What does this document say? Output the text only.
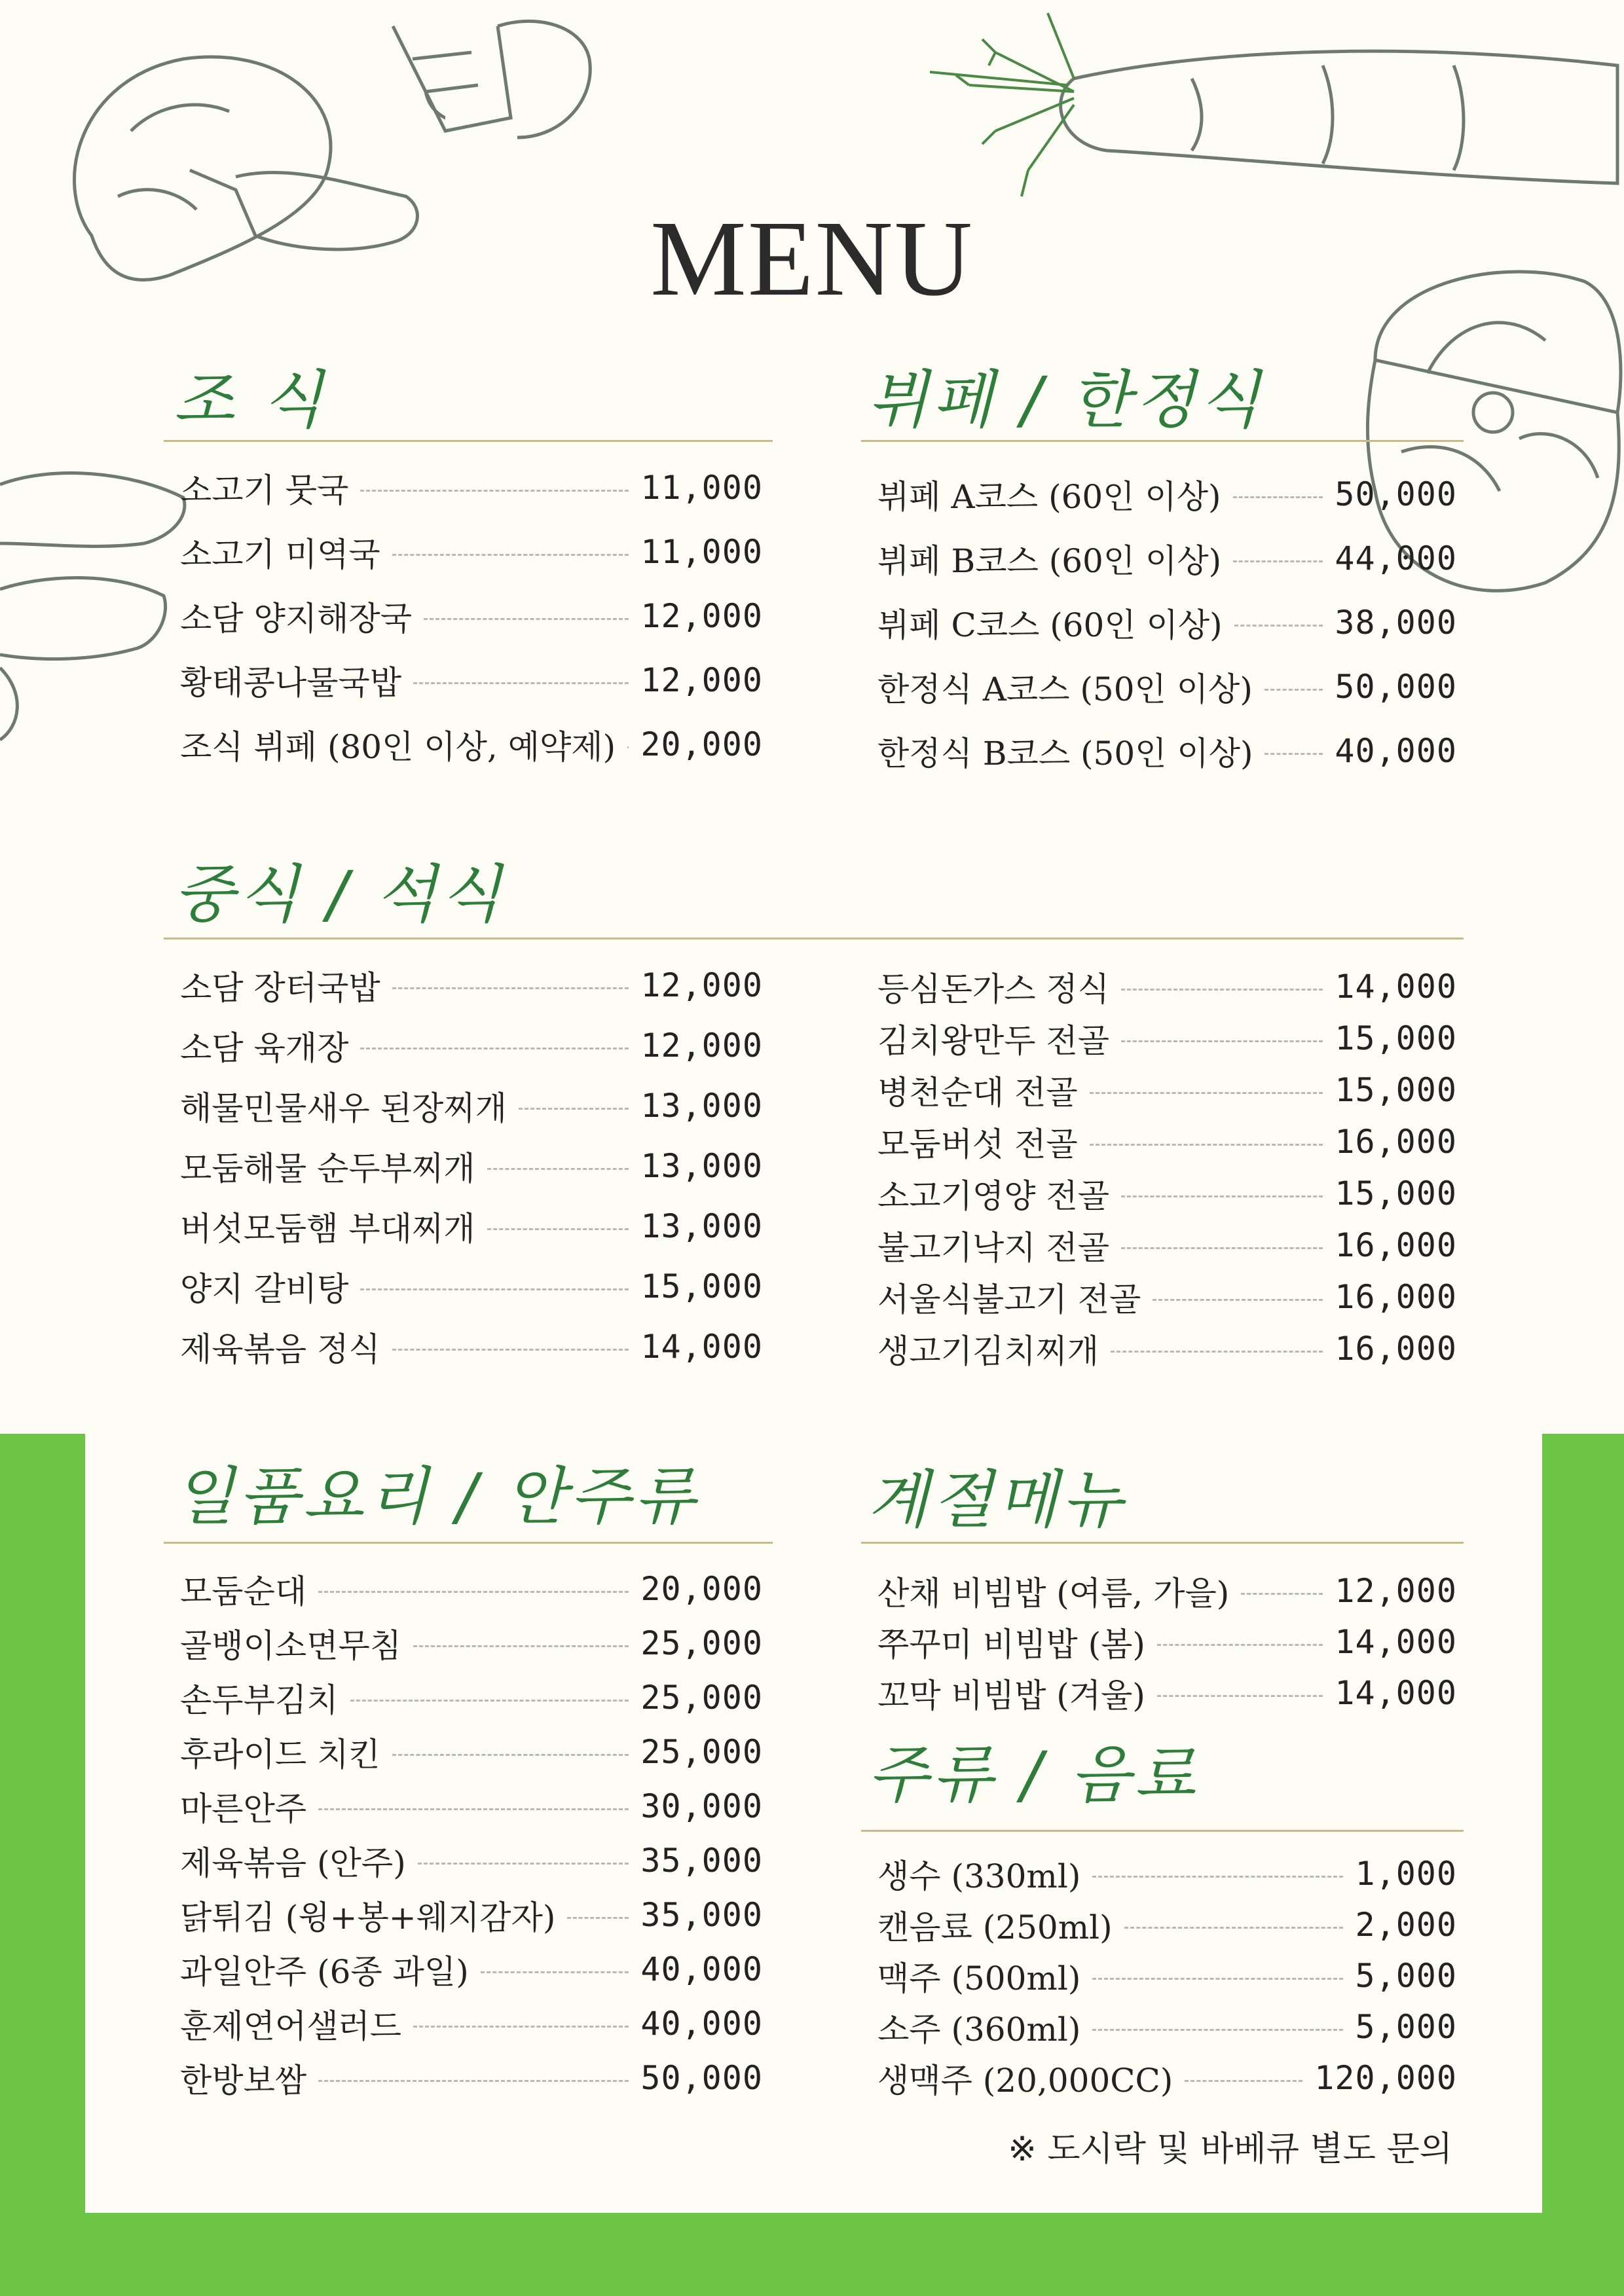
MENU
조 식	뷔페 / 한정식
중식 / 석식
일품요리 / 안주류	계절메뉴
주류 / 음료
소고기 뭇국	11,000
소고기 미역국	11,000
소담 양지해장국	12,000
황태콩나물국밥	12,000
조식 뷔페 (80인 이상, 예약제) 20,000
뷔페 A코스 (60인 이상)	50,000
뷔페 B코스 (60인 이상)	44,000
뷔페 C코스 (60인 이상)	38,000
한정식 A코스 (50인 이상)	50,000
한정식 B코스 (50인 이상) 40,000
소담 장터국밥	12,000
소담 육개장	12,000
해물민물새우 된장찌개	13,000
모둠해물 순두부찌개	13,000
버섯모둠햄 부대찌개	13,000
양지 갈비탕	15,000
제육볶음 정식	14,000
등심돈가스 정식	14,000
김치왕만두 전골	15,000
병천순대 전골	15,000
모둠버섯 전골	16,000
소고기영양 전골	15,000
불고기낙지 전골	16,000
서울식불고기 전골	16,000
생고기김치찌개	16,000
모둠순대	20,000
골뱅이소면무침	25,000
손두부김치	25,000
후라이드 치킨	25,000
마른안주	30,000
제육볶음 (안주)	35,000
닭튀김 (윙+봉+웨지감자)	35,000
과일안주 (6종 과일)	40,000
훈제연어샐러드	40,000
한방보쌈	50,000
산채 비빔밥 (여름, 가을)	12,000
쭈꾸미 비빔밥 (봄)	14,000
꼬막 비빔밥 (겨울)	14,000
생수 (330ml)	1,000
캔음료 (250ml)	2,000
맥주 (500ml)	5,000
소주 (360ml)	5,000
생맥주 (20,000CC)	120,000
※ 도시락 및 바베큐 별도 문의
